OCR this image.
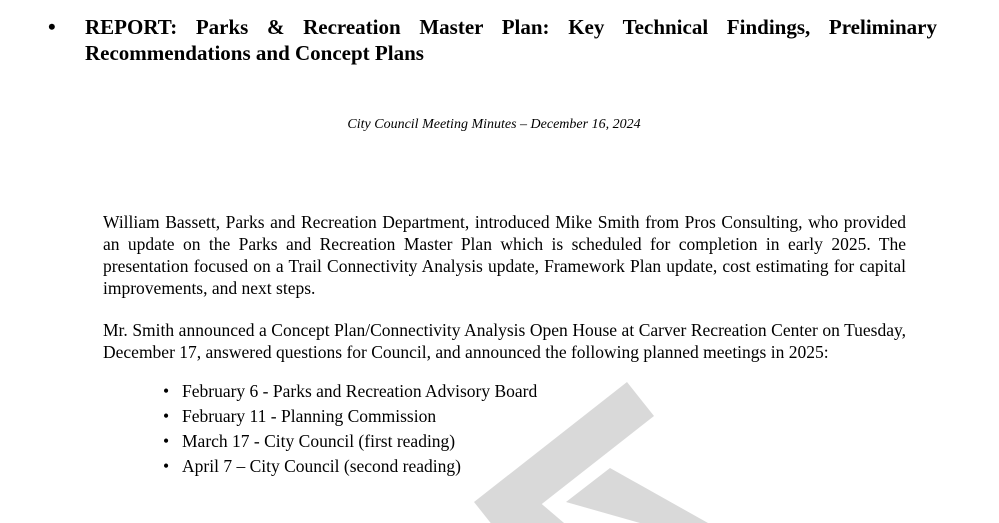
• REPORT: Parks & Recreation Master Plan: Key Technical Findings, Preliminary Recommendations and Concept Plans
City Council Meeting Minutes – December 16, 2024

William Bassett, Parks and Recreation Department, introduced Mike Smith from Pros Consulting, who provided an update on the Parks and Recreation Master Plan which is scheduled for completion in early 2025. The presentation focused on a Trail Connectivity Analysis update, Framework Plan update, cost estimating for capital improvements, and next steps.

Mr. Smith announced a Concept Plan/Connectivity Analysis Open House at Carver Recreation Center on Tuesday, December 17, answered questions for Council, and announced the following planned meetings in 2025:

• February 6 - Parks and Recreation Advisory Board
• February 11 - Planning Commission
• March 17 - City Council (first reading)
• April 7 – City Council (second reading)
